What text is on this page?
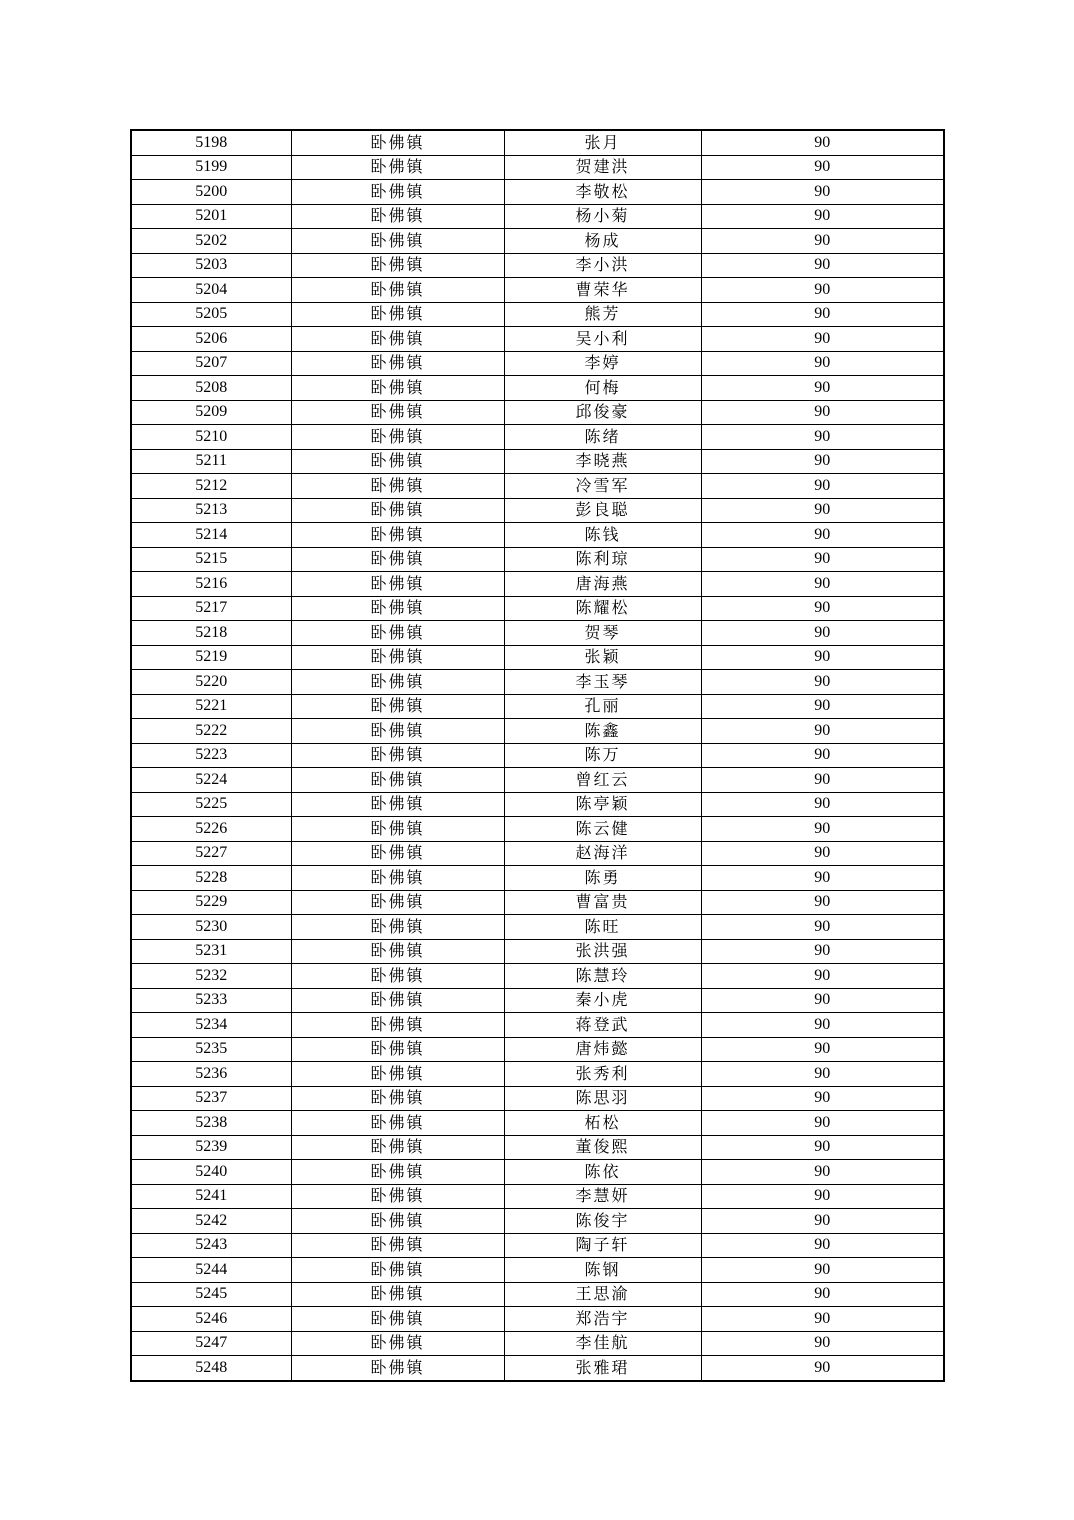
5198	卧佛镇	张月	90
5199	卧佛镇	贺建洪	90
5200	卧佛镇	李敬松	90
5201	卧佛镇	杨小菊	90
5202	卧佛镇	杨成	90
5203	卧佛镇	李小洪	90
5204	卧佛镇	曹荣华	90
5205	卧佛镇	熊芳	90
5206	卧佛镇	吴小利	90
5207	卧佛镇	李婷	90
5208	卧佛镇	何梅	90
5209	卧佛镇	邱俊豪	90
5210	卧佛镇	陈绪	90
5211	卧佛镇	李晓燕	90
5212	卧佛镇	冷雪军	90
5213	卧佛镇	彭良聪	90
5214	卧佛镇	陈钱	90
5215	卧佛镇	陈利琼	90
5216	卧佛镇	唐海燕	90
5217	卧佛镇	陈耀松	90
5218	卧佛镇	贺琴	90
5219	卧佛镇	张颖	90
5220	卧佛镇	李玉琴	90
5221	卧佛镇	孔丽	90
5222	卧佛镇	陈鑫	90
5223	卧佛镇	陈万	90
5224	卧佛镇	曾红云	90
5225	卧佛镇	陈亭颖	90
5226	卧佛镇	陈云健	90
5227	卧佛镇	赵海洋	90
5228	卧佛镇	陈勇	90
5229	卧佛镇	曹富贵	90
5230	卧佛镇	陈旺	90
5231	卧佛镇	张洪强	90
5232	卧佛镇	陈慧玲	90
5233	卧佛镇	秦小虎	90
5234	卧佛镇	蒋登武	90
5235	卧佛镇	唐炜懿	90
5236	卧佛镇	张秀利	90
5237	卧佛镇	陈思羽	90
5238	卧佛镇	柘松	90
5239	卧佛镇	董俊熙	90
5240	卧佛镇	陈依	90
5241	卧佛镇	李慧妍	90
5242	卧佛镇	陈俊宇	90
5243	卧佛镇	陶子轩	90
5244	卧佛镇	陈钢	90
5245	卧佛镇	王思渝	90
5246	卧佛镇	郑浩宇	90
5247	卧佛镇	李佳航	90
5248	卧佛镇	张雅珺	90
